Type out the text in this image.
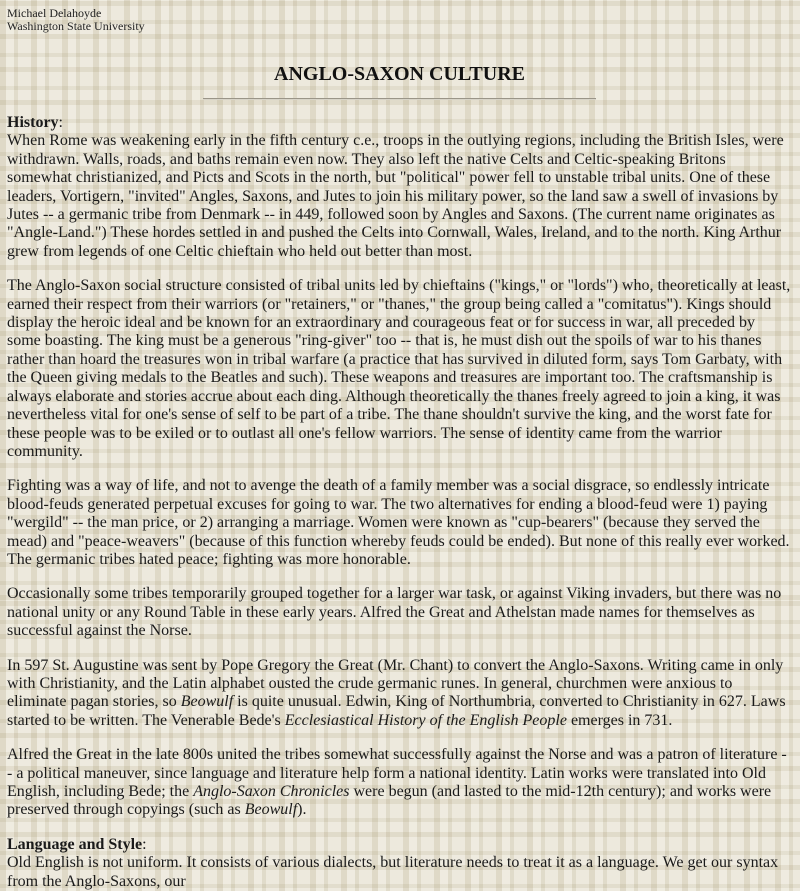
Michael Delahoyde
Washington State University
ANGLO-SAXON CULTURE
History:

When Rome was weakening early in the fifth century c.e., troops in the outlying regions, including the British Isles, were withdrawn. Walls, roads, and baths remain even now. They also left the native Celts and Celtic-speaking Britons somewhat christianized, and Picts and Scots in the north, but "political" power fell to unstable tribal units. One of these leaders, Vortigern, "invited" Angles, Saxons, and Jutes to join his military power, so the land saw a swell of invasions by Jutes -- a germanic tribe from Denmark -- in 449, followed soon by Angles and Saxons. (The current name originates as "Angle-Land.") These hordes settled in and pushed the Celts into Cornwall, Wales, Ireland, and to the north. King Arthur grew from legends of one Celtic chieftain who held out better than most.

The Anglo-Saxon social structure consisted of tribal units led by chieftains ("kings," or "lords") who, theoretically at least, earned their respect from their warriors (or "retainers," or "thanes," the group being called a "comitatus"). Kings should display the heroic ideal and be known for an extraordinary and courageous feat or for success in war, all preceded by some boasting. The king must be a generous "ring-giver" too -- that is, he must dish out the spoils of war to his thanes rather than hoard the treasures won in tribal warfare (a practice that has survived in diluted form, says Tom Garbaty, with the Queen giving medals to the Beatles and such). These weapons and treasures are important too. The craftsmanship is always elaborate and stories accrue about each ding. Although theoretically the thanes freely agreed to join a king, it was nevertheless vital for one's sense of self to be part of a tribe. The thane shouldn't survive the king, and the worst fate for these people was to be exiled or to outlast all one's fellow warriors. The sense of identity came from the warrior community.

Fighting was a way of life, and not to avenge the death of a family member was a social disgrace, so endlessly intricate blood-feuds generated perpetual excuses for going to war. The two alternatives for ending a blood-feud were 1) paying "wergild" -- the man price, or 2) arranging a marriage. Women were known as "cup-bearers" (because they served the mead) and "peace-weavers" (because of this function whereby feuds could be ended). But none of this really ever worked. The germanic tribes hated peace; fighting was more honorable.

Occasionally some tribes temporarily grouped together for a larger war task, or against Viking invaders, but there was no national unity or any Round Table in these early years. Alfred the Great and Athelstan made names for themselves as successful against the Norse.

In 597 St. Augustine was sent by Pope Gregory the Great (Mr. Chant) to convert the Anglo-Saxons. Writing came in only with Christianity, and the Latin alphabet ousted the crude germanic runes. In general, churchmen were anxious to eliminate pagan stories, so Beowulf is quite unusual. Edwin, King of Northumbria, converted to Christianity in 627. Laws started to be written. The Venerable Bede's Ecclesiastical History of the English People emerges in 731.

Alfred the Great in the late 800s united the tribes somewhat successfully against the Norse and was a patron of literature -- a political maneuver, since language and literature help form a national identity. Latin works were translated into Old English, including Bede; the Anglo-Saxon Chronicles were begun (and lasted to the mid-12th century); and works were preserved through copyings (such as Beowulf).

Language and Style:

Old English is not uniform. It consists of various dialects, but literature needs to treat it as a language. We get our syntax from the Anglo-Saxons, our
